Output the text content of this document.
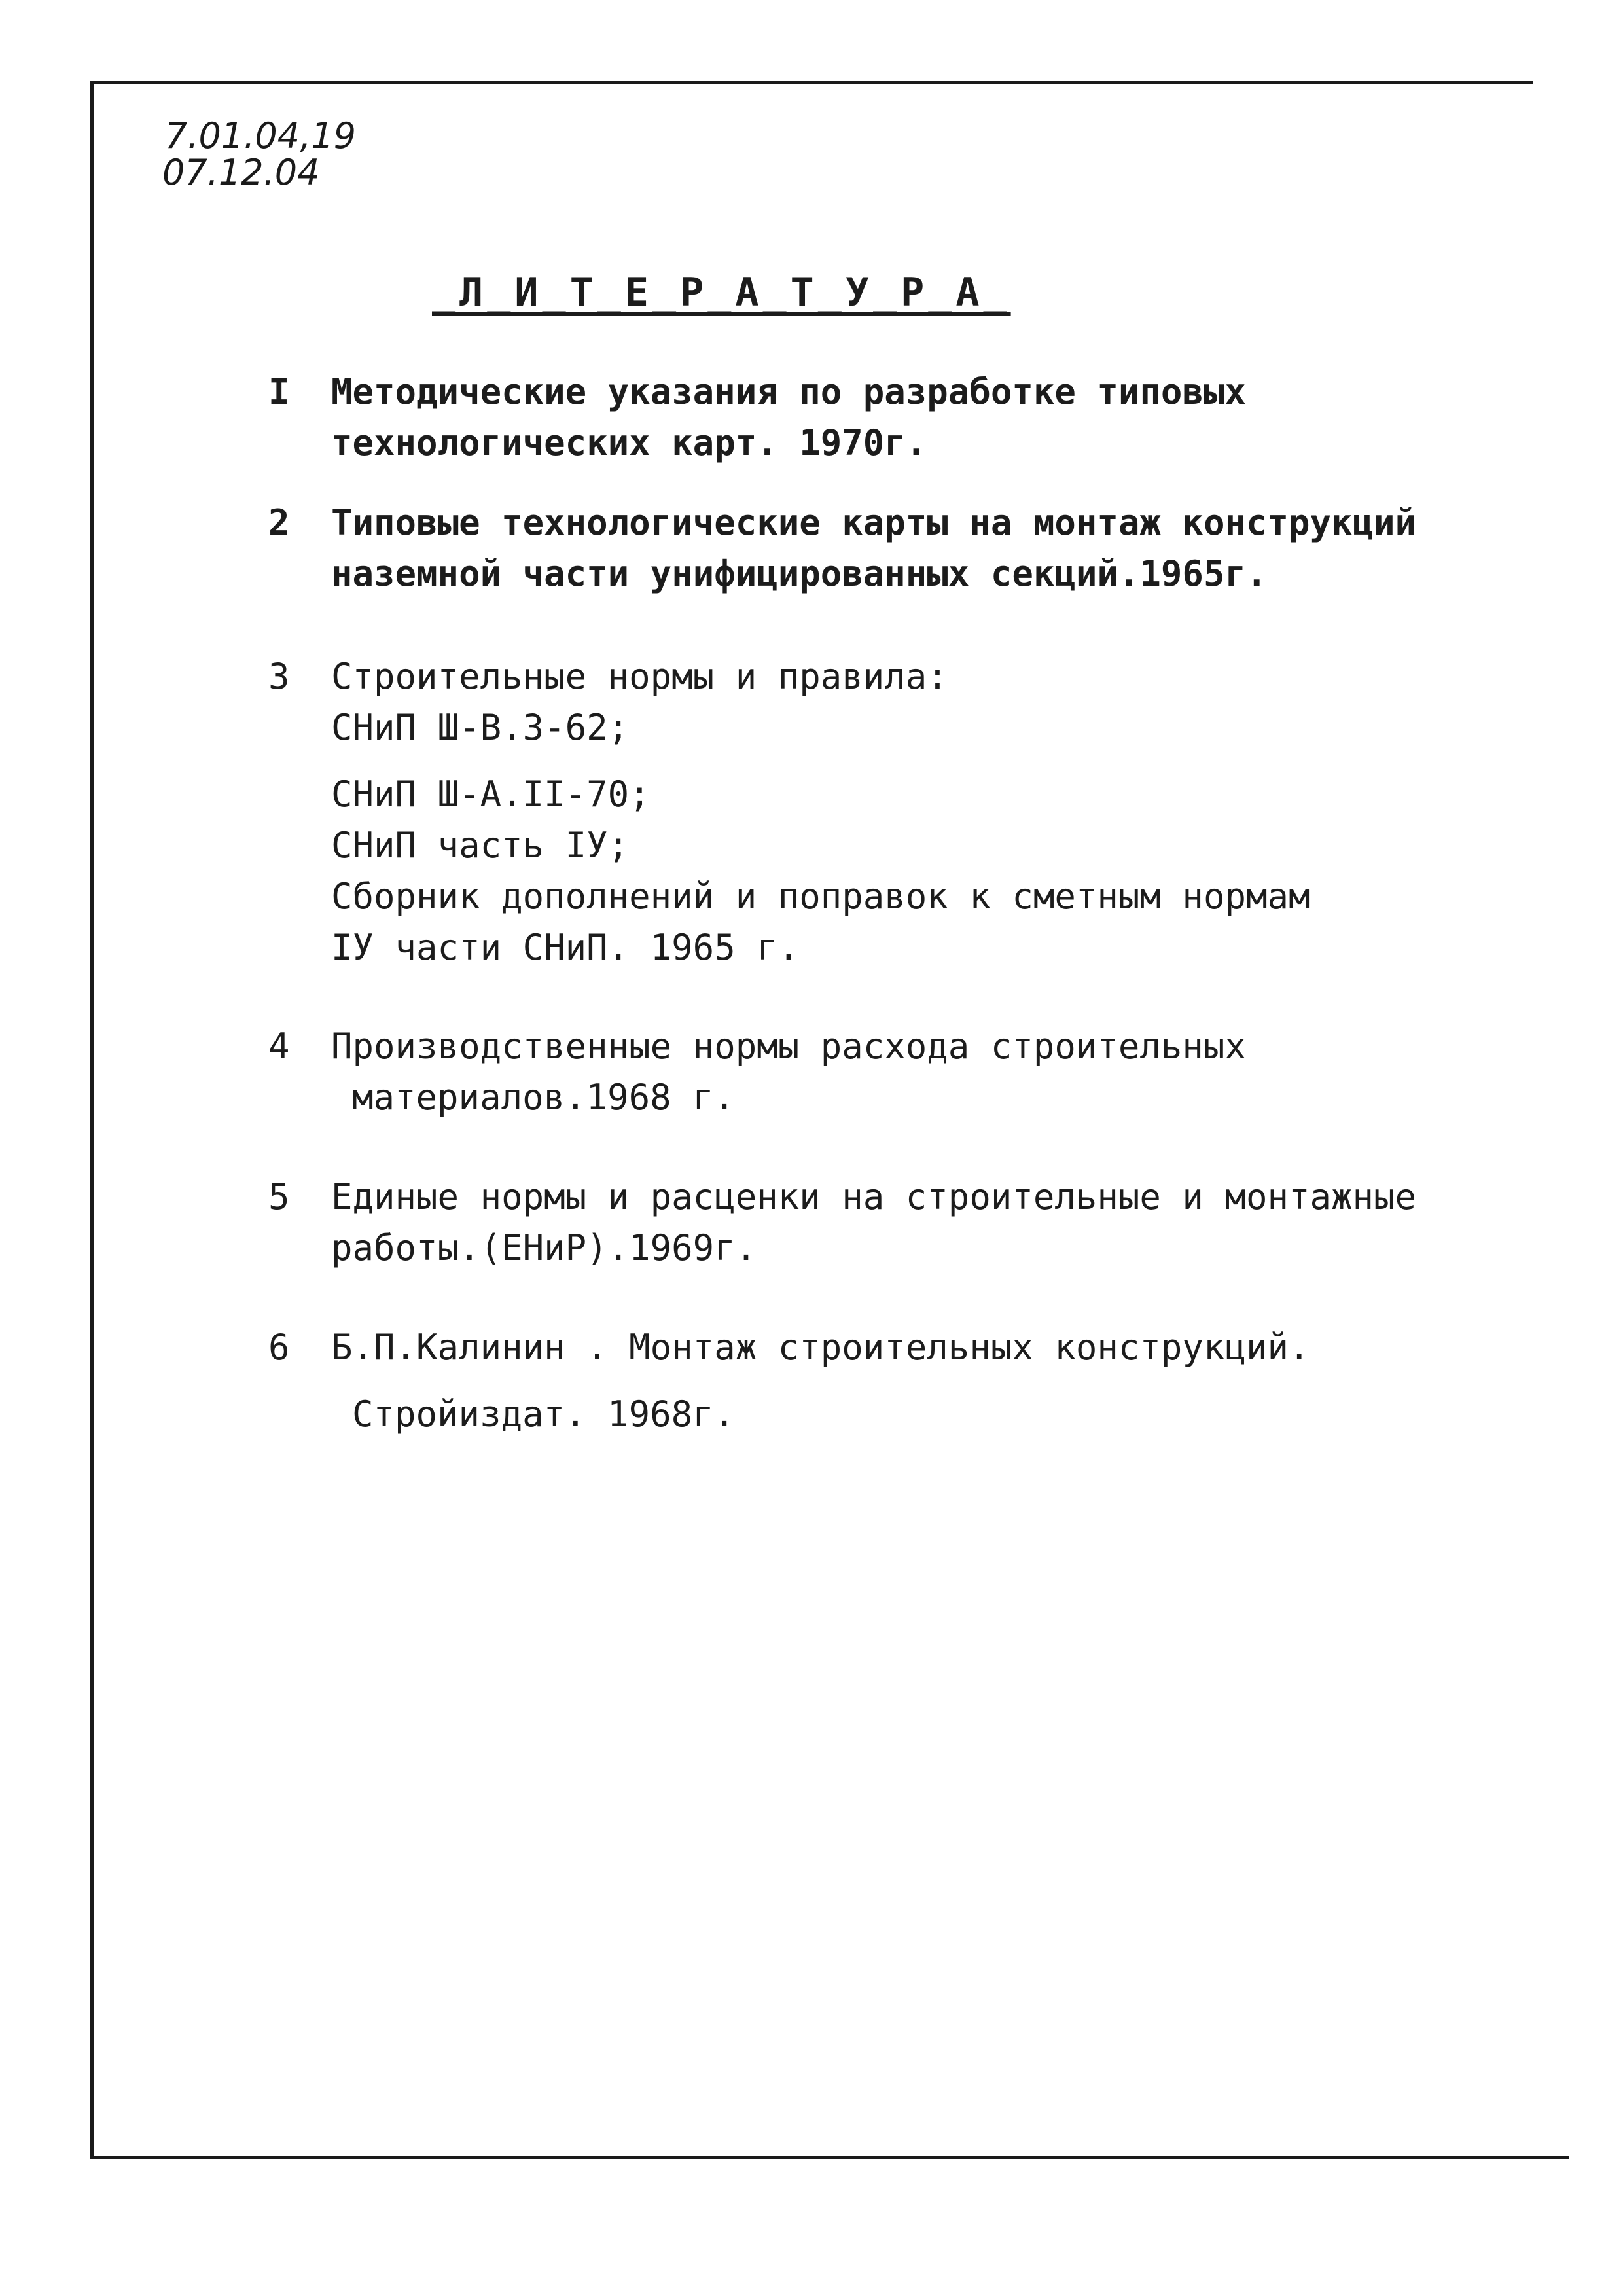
7.01.04,19
07.12.04
_Л_И_Т_Е_Р_А_Т_У_Р_А_
I Методические указания по разработке типовых
технологических карт. 1970г.
2 Типовые технологические карты на монтаж конструкций
наземной части унифицированных секций.1965г.
3 Строительные нормы и правила:
СНиП Ш-В.3-62;
СНиП Ш-А.II-70;
СНиП часть IУ;
Сборник дополнений и поправок к сметным нормам
IУ части СНиП. 1965 г.
4 Производственные нормы расхода строительных
материалов.1968 г.
5 Единые нормы и расценки на строительные и монтажные
работы.(ЕНиР).1969г.
6 Б.П.Калинин . Монтаж строительных конструкций.
Стройиздат. 1968г.
